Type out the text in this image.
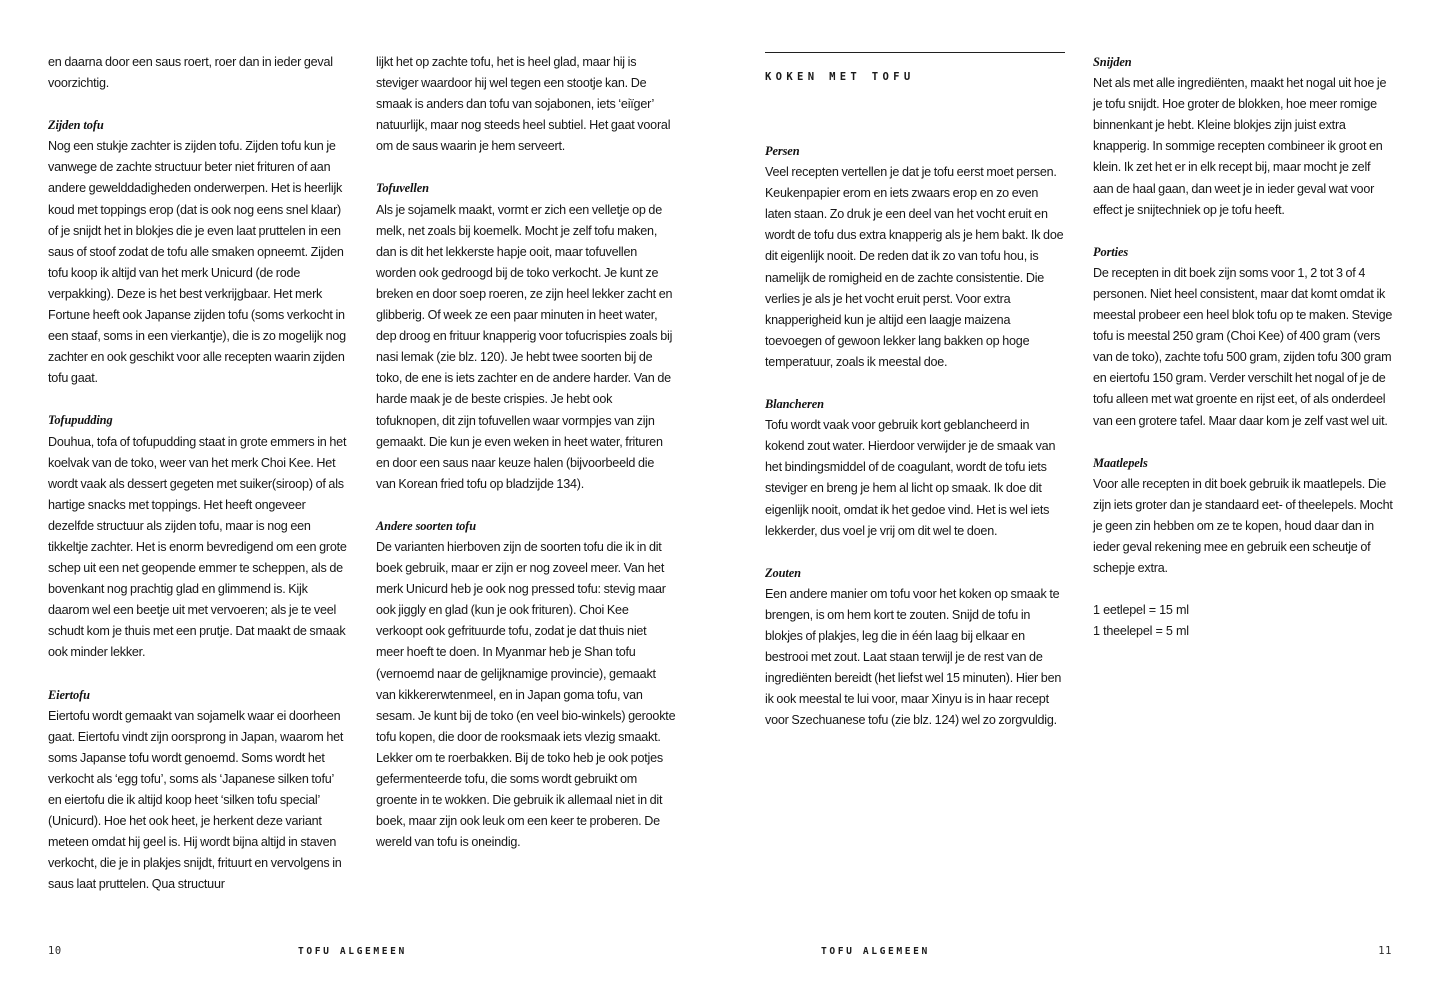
en daarna door een saus roert, roer dan in ieder geval voorzichtig.

Zijden tofu

Nog een stukje zachter is zijden tofu. Zijden tofu kun je vanwege de zachte structuur beter niet frituren of aan andere gewelddadigheden onderwerpen. Het is heerlijk koud met toppings erop (dat is ook nog eens snel klaar) of je snijdt het in blokjes die je even laat pruttelen in een saus of stoof zodat de tofu alle smaken opneemt. Zijden tofu koop ik altijd van het merk Unicurd (de rode verpakking). Deze is het best verkrijgbaar. Het merk Fortune heeft ook Japanse zijden tofu (soms verkocht in een staaf, soms in een vierkantje), die is zo mogelijk nog zachter en ook geschikt voor alle recepten waarin zijden tofu gaat.

Tofupudding

Douhua, tofa of tofupudding staat in grote emmers in het koelvak van de toko, weer van het merk Choi Kee. Het wordt vaak als dessert gegeten met suiker(siroop) of als hartige snacks met toppings. Het heeft ongeveer dezelfde structuur als zijden tofu, maar is nog een tikkeltje zachter. Het is enorm bevredigend om een grote schep uit een net geopende emmer te scheppen, als de bovenkant nog prachtig glad en glimmend is. Kijk daarom wel een beetje uit met vervoeren; als je te veel schudt kom je thuis met een prutje. Dat maakt de smaak ook minder lekker.

Eiertofu

Eiertofu wordt gemaakt van sojamelk waar ei doorheen gaat. Eiertofu vindt zijn oorsprong in Japan, waarom het soms Japanse tofu wordt genoemd. Soms wordt het verkocht als ‘egg tofu’, soms als ‘Japanese silken tofu’ en eiertofu die ik altijd koop heet ‘silken tofu special’ (Unicurd). Hoe het ook heet, je herkent deze variant meteen omdat hij geel is. Hij wordt bijna altijd in staven verkocht, die je in plakjes snijdt, frituurt en vervolgens in saus laat pruttelen. Qua structuur

lijkt het op zachte tofu, het is heel glad, maar hij is steviger waardoor hij wel tegen een stootje kan. De smaak is anders dan tofu van sojabonen, iets ‘eiïger’ natuurlijk, maar nog steeds heel subtiel. Het gaat vooral om de saus waarin je hem serveert.

Tofuvellen

Als je sojamelk maakt, vormt er zich een velletje op de melk, net zoals bij koemelk. Mocht je zelf tofu maken, dan is dit het lekkerste hapje ooit, maar tofuvellen worden ook gedroogd bij de toko verkocht. Je kunt ze breken en door soep roeren, ze zijn heel lekker zacht en glibberig. Of week ze een paar minuten in heet water, dep droog en frituur knapperig voor tofucrispies zoals bij nasi lemak (zie blz. 120). Je hebt twee soorten bij de toko, de ene is iets zachter en de andere harder. Van de harde maak je de beste crispies. Je hebt ook tofuknopen, dit zijn tofuvellen waar vormpjes van zijn gemaakt. Die kun je even weken in heet water, frituren en door een saus naar keuze halen (bijvoorbeeld die van Korean fried tofu op bladzijde 134).

Andere soorten tofu

De varianten hierboven zijn de soorten tofu die ik in dit boek gebruik, maar er zijn er nog zoveel meer. Van het merk Unicurd heb je ook nog pressed tofu: stevig maar ook jiggly en glad (kun je ook frituren). Choi Kee verkoopt ook gefrituurde tofu, zodat je dat thuis niet meer hoeft te doen. In Myanmar heb je Shan tofu (vernoemd naar de gelijknamige provincie), gemaakt van kikkererwtenmeel, en in Japan goma tofu, van sesam. Je kunt bij de toko (en veel bio-winkels) gerookte tofu kopen, die door de rooksmaak iets vlezig smaakt. Lekker om te roerbakken. Bij de toko heb je ook potjes gefermenteerde tofu, die soms wordt gebruikt om groente in te wokken. Die gebruik ik allemaal niet in dit boek, maar zijn ook leuk om een keer te proberen. De wereld van tofu is oneindig.

10	TOFU ALGEMEEN

KOKEN MET TOFU

Persen

Veel recepten vertellen je dat je tofu eerst moet persen. Keukenpapier erom en iets zwaars erop en zo even laten staan. Zo druk je een deel van het vocht eruit en wordt de tofu dus extra knapperig als je hem bakt. Ik doe dit eigenlijk nooit. De reden dat ik zo van tofu hou, is namelijk de romigheid en de zachte consistentie. Die verlies je als je het vocht eruit perst. Voor extra knapperigheid kun je altijd een laagje maizena toevoegen of gewoon lekker lang bakken op hoge temperatuur, zoals ik meestal doe.

Blancheren

Tofu wordt vaak voor gebruik kort geblancheerd in kokend zout water. Hierdoor verwijder je de smaak van het bindingsmiddel of de coagulant, wordt de tofu iets steviger en breng je hem al licht op smaak. Ik doe dit eigenlijk nooit, omdat ik het gedoe vind. Het is wel iets lekkerder, dus voel je vrij om dit wel te doen.

Zouten

Een andere manier om tofu voor het koken op smaak te brengen, is om hem kort te zouten. Snijd de tofu in blokjes of plakjes, leg die in één laag bij elkaar en bestrooi met zout. Laat staan terwijl je de rest van de ingrediënten bereidt (het liefst wel 15 minuten). Hier ben ik ook meestal te lui voor, maar Xinyu is in haar recept voor Szechuanese tofu (zie blz. 124) wel zo zorgvuldig.

Snijden

Net als met alle ingrediënten, maakt het nogal uit hoe je je tofu snijdt. Hoe groter de blokken, hoe meer romige binnenkant je hebt. Kleine blokjes zijn juist extra knapperig. In sommige recepten combineer ik groot en klein. Ik zet het er in elk recept bij, maar mocht je zelf aan de haal gaan, dan weet je in ieder geval wat voor effect je snijtechniek op je tofu heeft.

Porties

De recepten in dit boek zijn soms voor 1, 2 tot 3 of 4 personen. Niet heel consistent, maar dat komt omdat ik meestal probeer een heel blok tofu op te maken. Stevige tofu is meestal 250 gram (Choi Kee) of 400 gram (vers van de toko), zachte tofu 500 gram, zijden tofu 300 gram en eiertofu 150 gram. Verder verschilt het nogal of je de tofu alleen met wat groente en rijst eet, of als onderdeel van een grotere tafel. Maar daar kom je zelf vast wel uit.

Maatlepels

Voor alle recepten in dit boek gebruik ik maatlepels. Die zijn iets groter dan je standaard eet- of theelepels. Mocht je geen zin hebben om ze te kopen, houd daar dan in ieder geval rekening mee en gebruik een scheutje of schepje extra.

1 eetlepel = 15 ml

1 theelepel = 5 ml

TOFU ALGEMEEN	11
